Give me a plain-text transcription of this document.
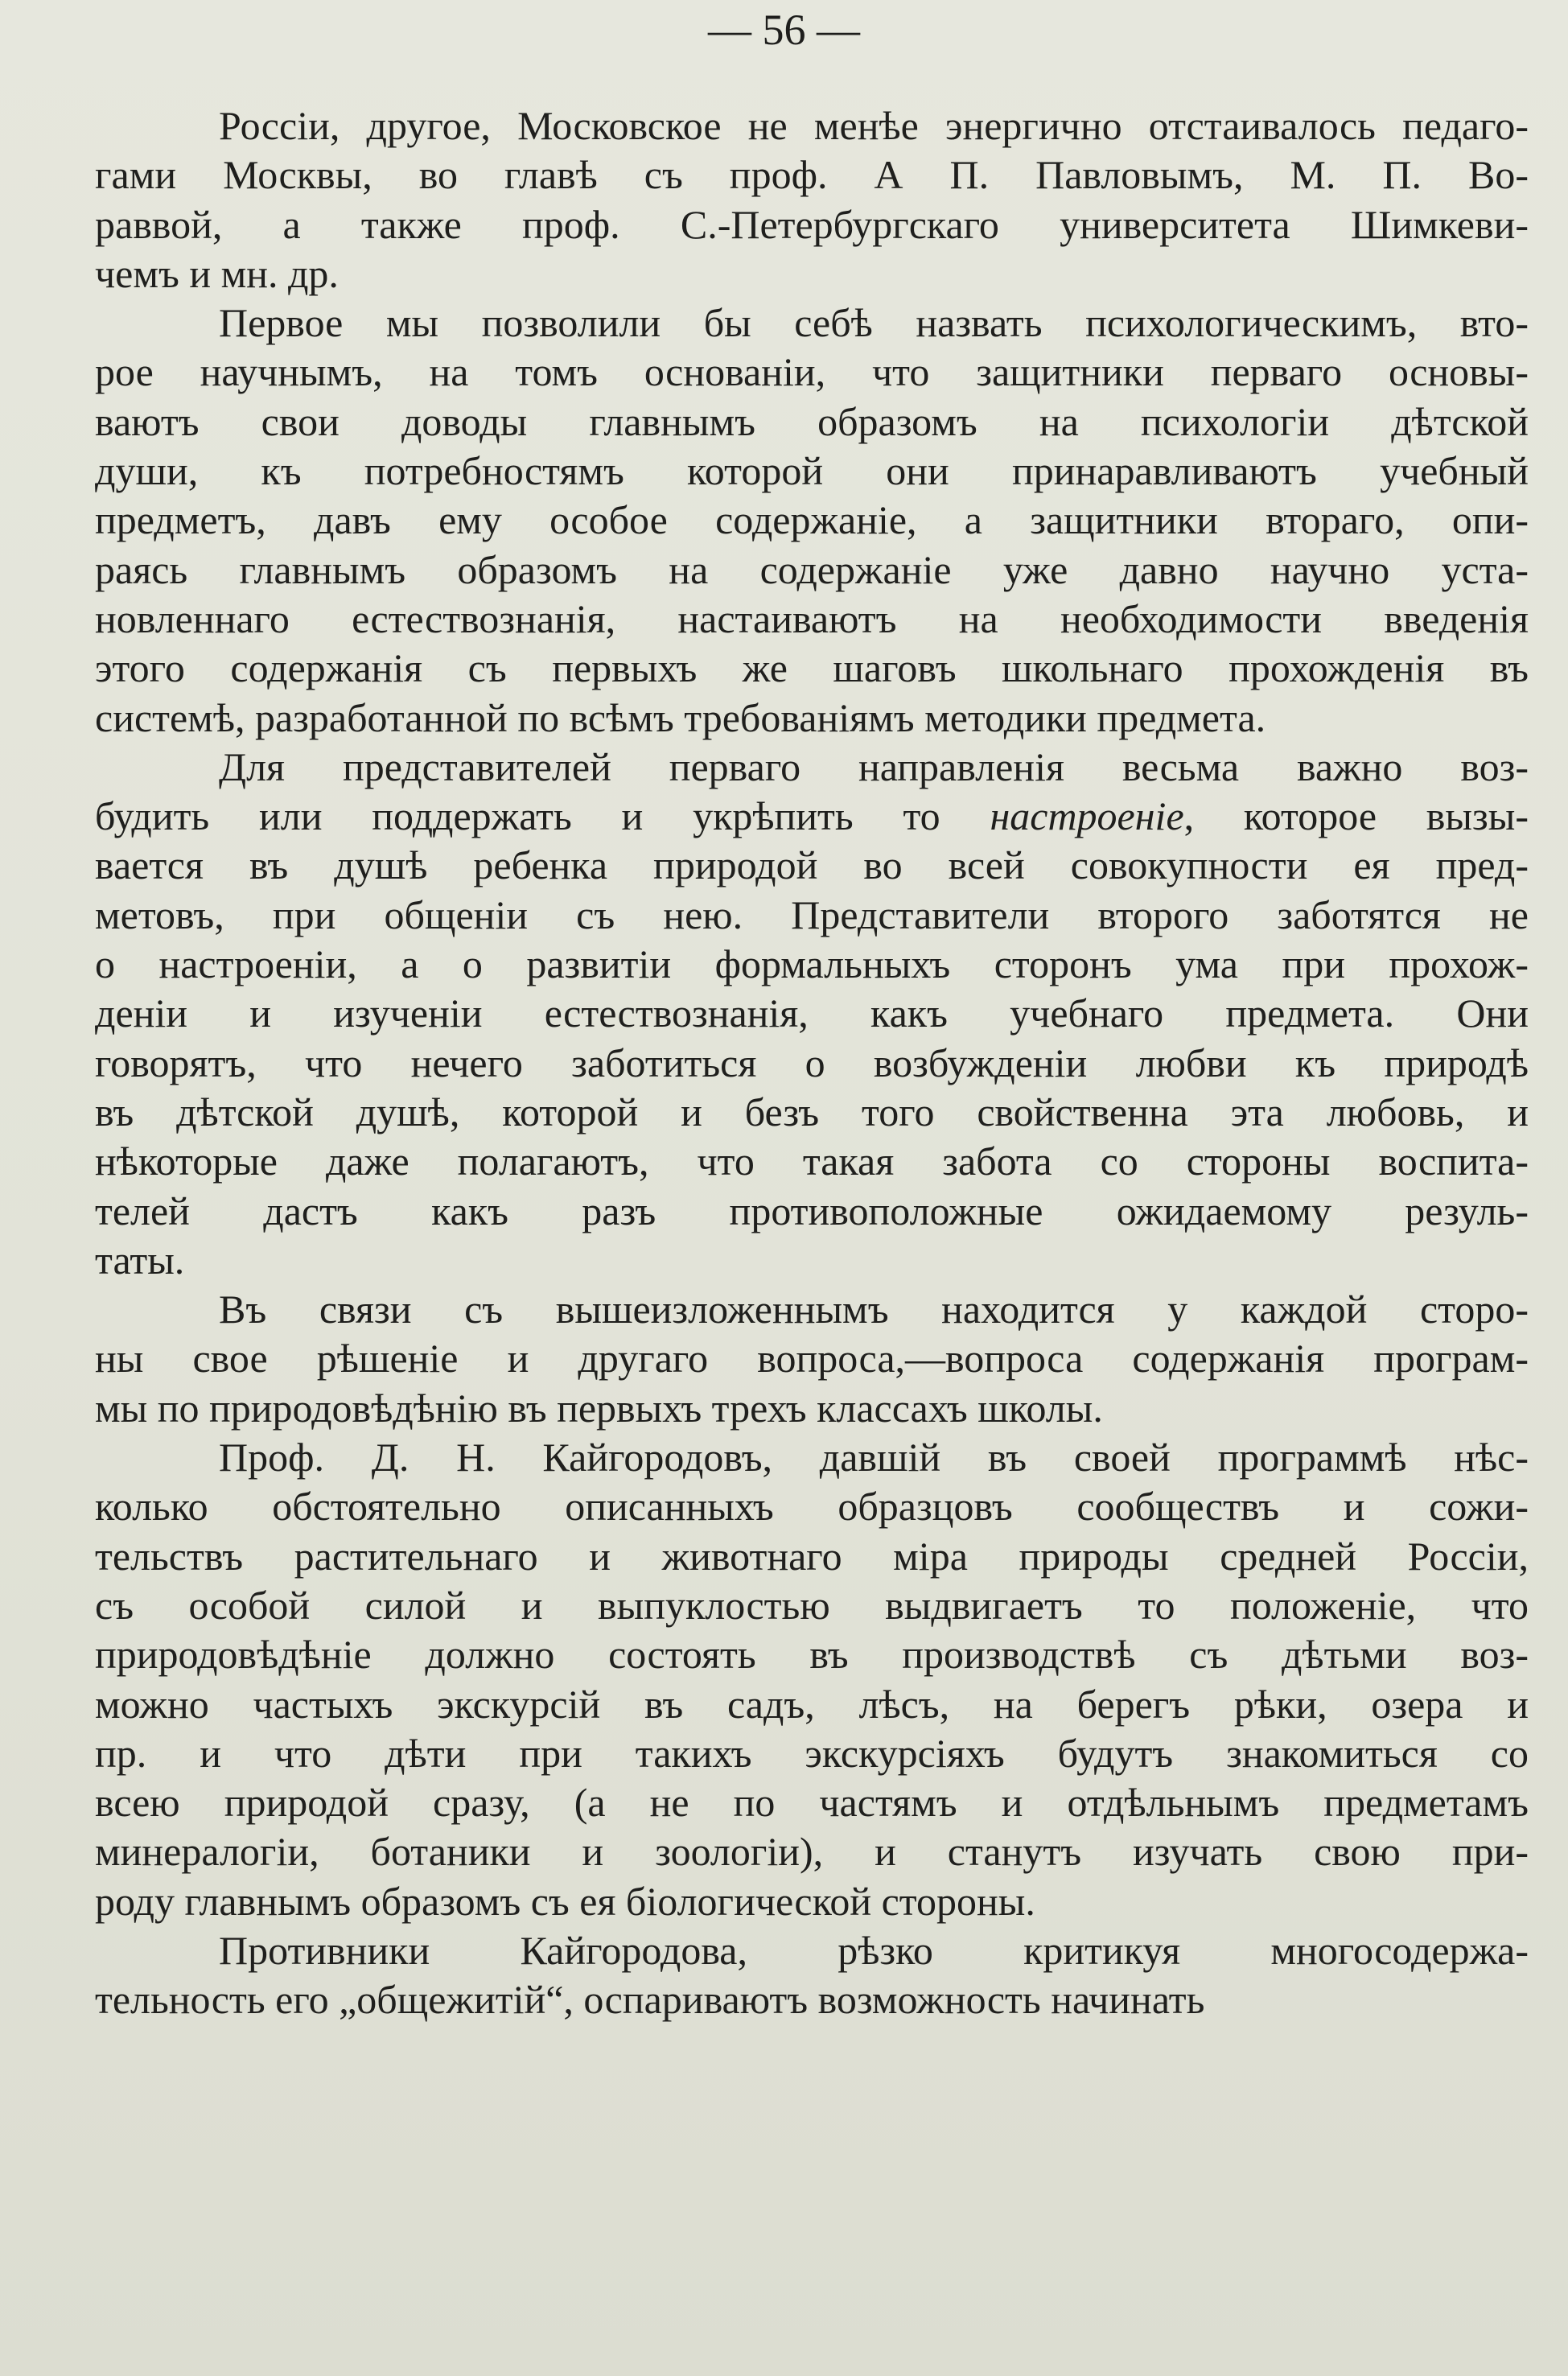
— 56 —
Россіи, другое, Московское не менѣе энергично отстаивалось педаго-
гами Москвы, во главѣ съ проф. А П. Павловымъ, М. П. Во-
раввой, а также проф. С.-Петербургскаго университета Шимкеви-
чемъ и мн. др.
Первое мы позволили бы себѣ назвать психологическимъ, вто-
рое научнымъ, на томъ основаніи, что защитники перваго основы-
ваютъ свои доводы главнымъ образомъ на психологіи дѣтской
души, къ потребностямъ которой они принаравливаютъ учебный
предметъ, давъ ему особое содержаніе, а защитники втораго, опи-
раясь главнымъ образомъ на содержаніе уже давно научно уста-
новленнаго естествознанія, настаиваютъ на необходимости введенія
этого содержанія съ первыхъ же шаговъ школьнаго прохожденія въ
системѣ, разработанной по всѣмъ требованіямъ методики предмета.
Для представителей перваго направленія весьма важно воз-
будить или поддержать и укрѣпить то настроеніе, которое вызы-
вается въ душѣ ребенка природой во всей совокупности ея пред-
метовъ, при общеніи съ нею. Представители второго заботятся не
о настроеніи, а о развитіи формальныхъ сторонъ ума при прохож-
деніи и изученіи естествознанія, какъ учебнаго предмета. Они
говорятъ, что нечего заботиться о возбужденіи любви къ природѣ
въ дѣтской душѣ, которой и безъ того свойственна эта любовь, и
нѣкоторые даже полагаютъ, что такая забота со стороны воспита-
телей дастъ какъ разъ противоположные ожидаемому резуль-
таты.
Въ связи съ вышеизложеннымъ находится у каждой сторо-
ны свое рѣшеніе и другаго вопроса,—вопроса содержанія програм-
мы по природовѣдѣнію въ первыхъ трехъ классахъ школы.
Проф. Д. Н. Кайгородовъ, давшій въ своей программѣ нѣс-
колько обстоятельно описанныхъ образцовъ сообществъ и сожи-
тельствъ растительнаго и животнаго міра природы средней Россіи,
съ особой силой и выпуклостью выдвигаетъ то положеніе, что
природовѣдѣніе должно состоять въ производствѣ съ дѣтьми воз-
можно частыхъ экскурсій въ садъ, лѣсъ, на берегъ рѣки, озера и
пр. и что дѣти при такихъ экскурсіяхъ будутъ знакомиться со
всею природой сразу, (а не по частямъ и отдѣльнымъ предметамъ
минералогіи, ботаники и зоологіи), и станутъ изучать свою при-
роду главнымъ образомъ съ ея біологической стороны.
Противники Кайгородова, рѣзко критикуя многосодержа-
тельность его „общежитій“, оспариваютъ возможность начинать
